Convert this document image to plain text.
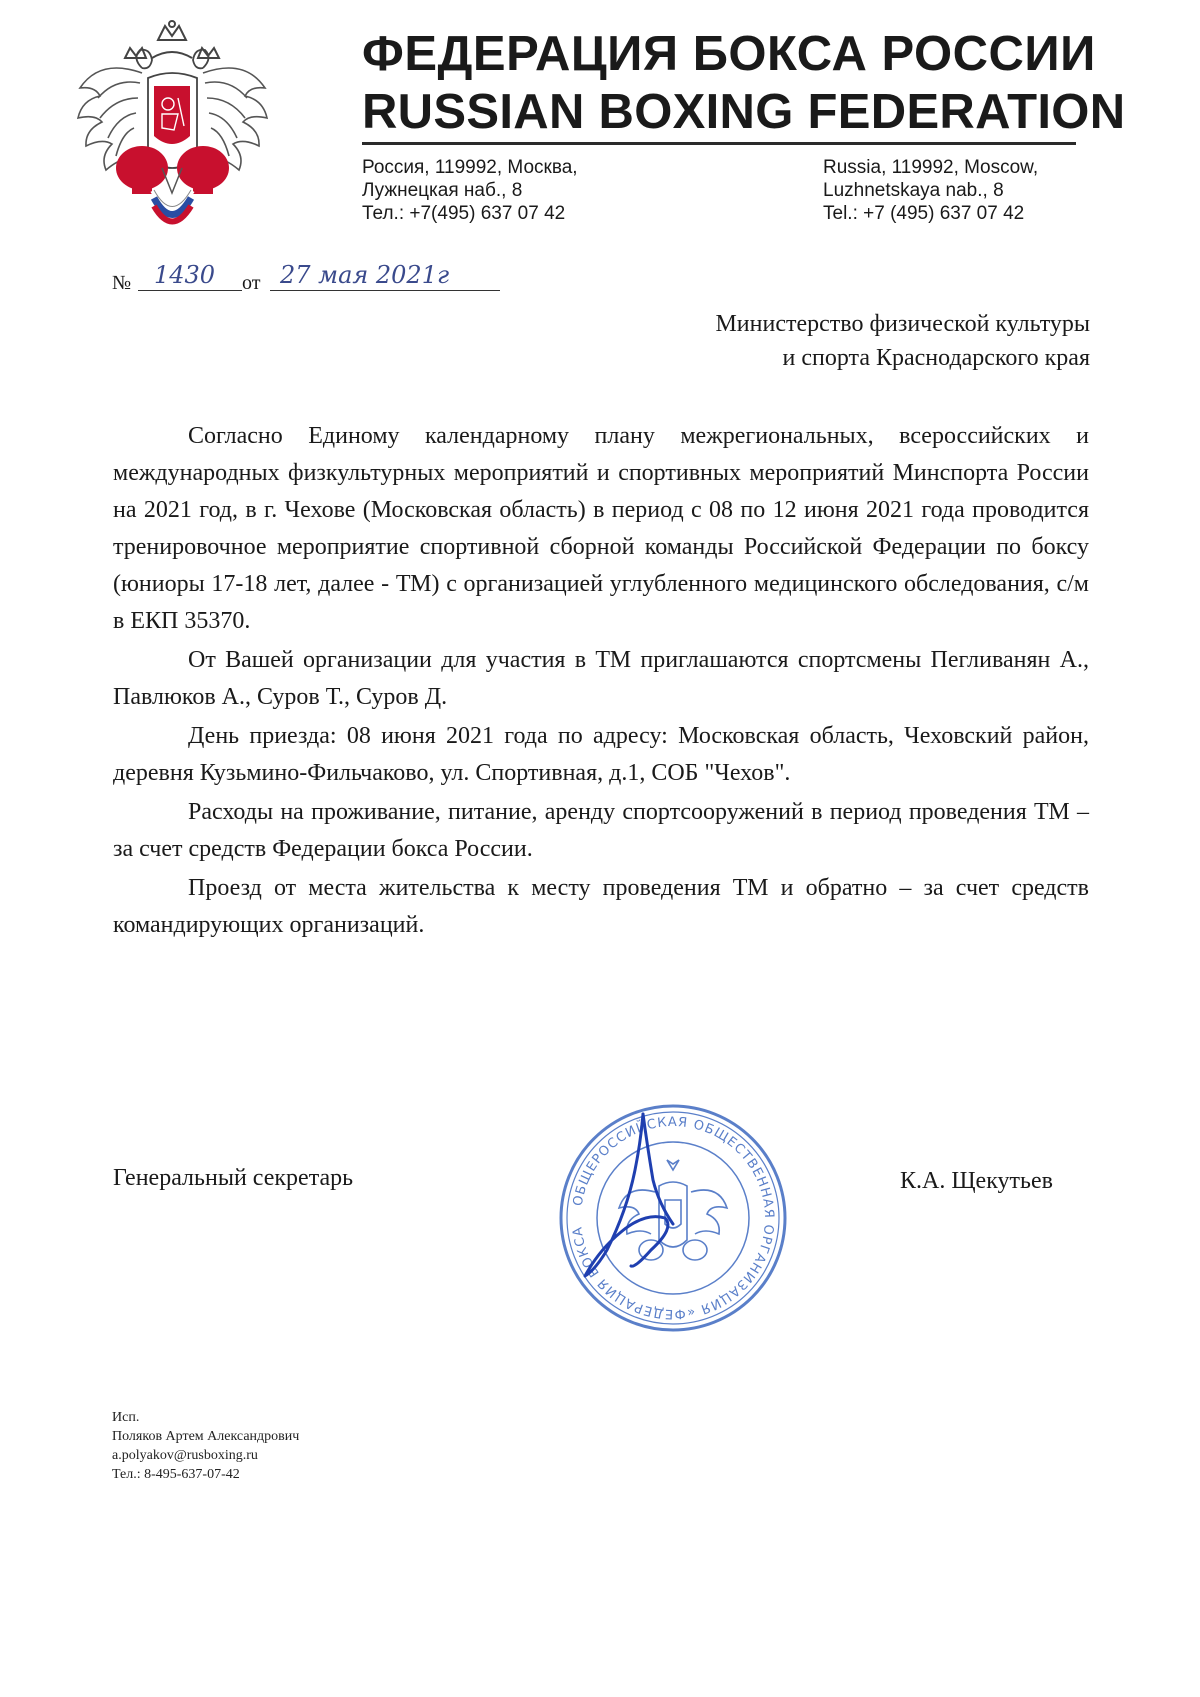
ФЕДЕРАЦИЯ БОКСА РОССИИ
RUSSIAN BOXING FEDERATION
Россия, 119992, Москва,
Лужнецкая наб., 8
Тел.: +7(495) 637 07 42
Russia, 119992, Moscow,
Luzhnetskaya nab., 8
Tel.: +7 (495) 637 07 42
№ 1430	от 27 мая 2021г
Министерство физической культуры
и спорта Краснодарского края

Согласно Единому календарному плану межрегиональных, всероссийских и международных физкультурных мероприятий и спортивных мероприятий Минспорта России на 2021 год, в г. Чехове (Московская область) в период с 08 по 12 июня 2021 года проводится тренировочное мероприятие спортивной сборной команды Российской Федерации по боксу (юниоры 17-18 лет, далее - ТМ) с организацией углубленного медицинского обследования, с/м в ЕКП 35370.

От Вашей организации для участия в ТМ приглашаются спортсмены Пегливанян А., Павлюков А., Суров Т., Суров Д.

День приезда: 08 июня 2021 года по адресу: Московская область, Чеховский район, деревня Кузьмино-Фильчаково, ул. Спортивная, д.1, СОБ "Чехов".

Расходы на проживание, питание, аренду спортсооружений в период проведения ТМ – за счет средств Федерации бокса России.

Проезд от места жительства к месту проведения ТМ и обратно – за счет средств командирующих организаций.

Генеральный секретарь
ОБЩЕРОССИЙСКАЯ ОБЩЕСТВЕННАЯ ОРГАНИЗАЦИЯ «ФЕДЕРАЦИЯ БОКСА
К.А. Щекутьев
Исп.
Поляков Артем Александрович
a.polyakov@rusboxing.ru
Тел.: 8-495-637-07-42
